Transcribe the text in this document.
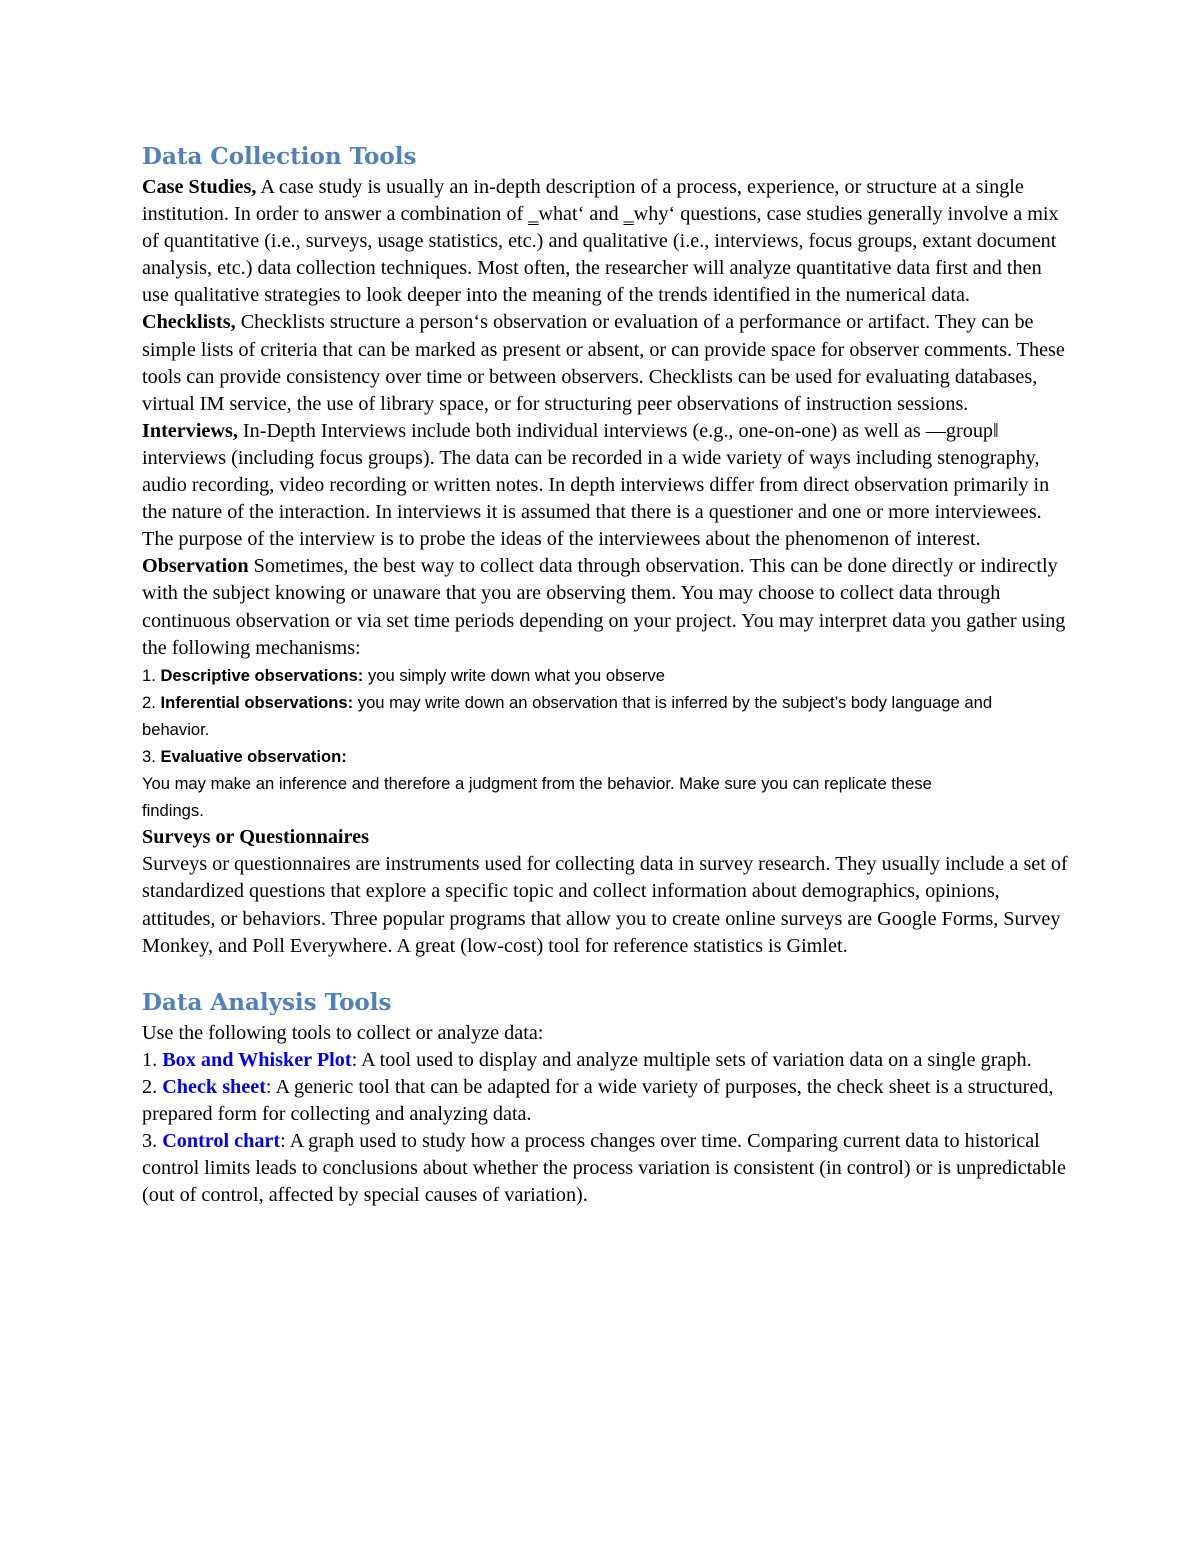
Data Collection Tools

Case Studies, A case study is usually an in-depth description of a process, experience, or structure at a single institution. In order to answer a combination of ‗what‘ and ‗why‘ questions, case studies generally involve a mix of quantitative (i.e., surveys, usage statistics, etc.) and qualitative (i.e., interviews, focus groups, extant document analysis, etc.) data collection techniques. Most often, the researcher will analyze quantitative data first and then use qualitative strategies to look deeper into the meaning of the trends identified in the numerical data.

Checklists, Checklists structure a person‘s observation or evaluation of a performance or artifact. They can be simple lists of criteria that can be marked as present or absent, or can provide space for observer comments. These tools can provide consistency over time or between observers. Checklists can be used for evaluating databases, virtual IM service, the use of library space, or for structuring peer observations of instruction sessions.

Interviews, In-Depth Interviews include both individual interviews (e.g., one-on-one) as well as ―group‖ interviews (including focus groups). The data can be recorded in a wide variety of ways including stenography, audio recording, video recording or written notes. In depth interviews differ from direct observation primarily in the nature of the interaction. In interviews it is assumed that there is a questioner and one or more interviewees. The purpose of the interview is to probe the ideas of the interviewees about the phenomenon of interest.

Observation Sometimes, the best way to collect data through observation. This can be done directly or indirectly with the subject knowing or unaware that you are observing them. You may choose to collect data through continuous observation or via set time periods depending on your project. You may interpret data you gather using the following mechanisms:

1. Descriptive observations: you simply write down what you observe

2. Inferential observations: you may write down an observation that is inferred by the subject’s body language and behavior.

3. Evaluative observation:

You may make an inference and therefore a judgment from the behavior. Make sure you can replicate these findings.

Surveys or Questionnaires

Surveys or questionnaires are instruments used for collecting data in survey research. They usually include a set of standardized questions that explore a specific topic and collect information about demographics, opinions, attitudes, or behaviors. Three popular programs that allow you to create online surveys are Google Forms, Survey Monkey, and Poll Everywhere. A great (low-cost) tool for reference statistics is Gimlet.

Data Analysis Tools

Use the following tools to collect or analyze data:

1. Box and Whisker Plot: A tool used to display and analyze multiple sets of variation data on a single graph.

2. Check sheet: A generic tool that can be adapted for a wide variety of purposes, the check sheet is a structured, prepared form for collecting and analyzing data.

3. Control chart: A graph used to study how a process changes over time. Comparing current data to historical control limits leads to conclusions about whether the process variation is consistent (in control) or is unpredictable (out of control, affected by special causes of variation).
